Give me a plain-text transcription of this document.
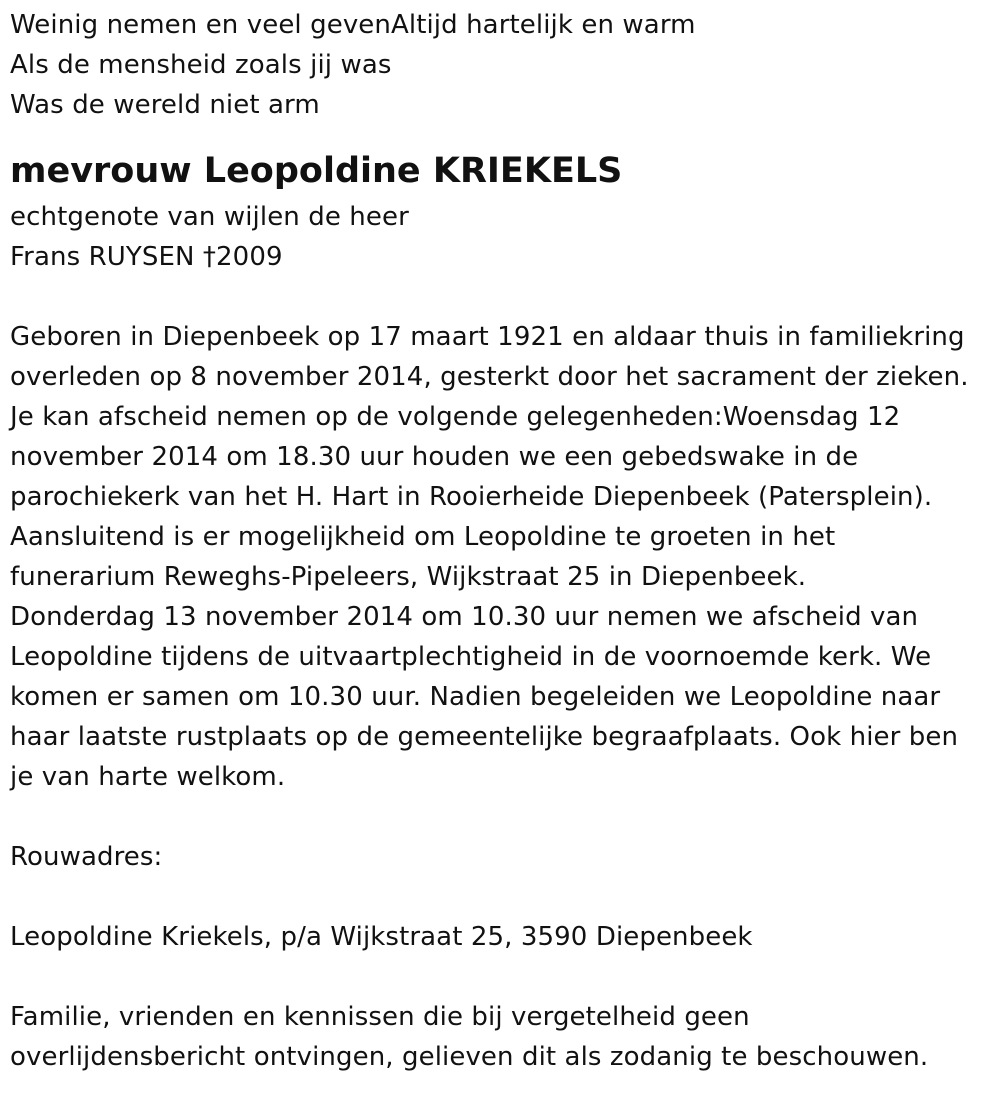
Weinig nemen en veel gevenAltijd hartelijk en warm
Als de mensheid zoals jij was
Was de wereld niet arm
mevrouw Leopoldine KRIEKELS
echtgenote van wijlen de heer
Frans RUYSEN †2009
Geboren in Diepenbeek op 17 maart 1921 en aldaar thuis in familiekring
overleden op 8 november 2014, gesterkt door het sacrament der zieken.
Je kan afscheid nemen op de volgende gelegenheden:Woensdag 12
november 2014 om 18.30 uur houden we een gebedswake in de
parochiekerk van het H. Hart in Rooierheide Diepenbeek (Patersplein).
Aansluitend is er mogelijkheid om Leopoldine te groeten in het
funerarium Reweghs-Pipeleers, Wijkstraat 25 in Diepenbeek.
Donderdag 13 november 2014 om 10.30 uur nemen we afscheid van
Leopoldine tijdens de uitvaartplechtigheid in de voornoemde kerk. We
komen er samen om 10.30 uur. Nadien begeleiden we Leopoldine naar
haar laatste rustplaats op de gemeentelijke begraafplaats. Ook hier ben
je van harte welkom.
Rouwadres:
Leopoldine Kriekels, p/a Wijkstraat 25, 3590 Diepenbeek
Familie, vrienden en kennissen die bij vergetelheid geen
overlijdensbericht ontvingen, gelieven dit als zodanig te beschouwen.
